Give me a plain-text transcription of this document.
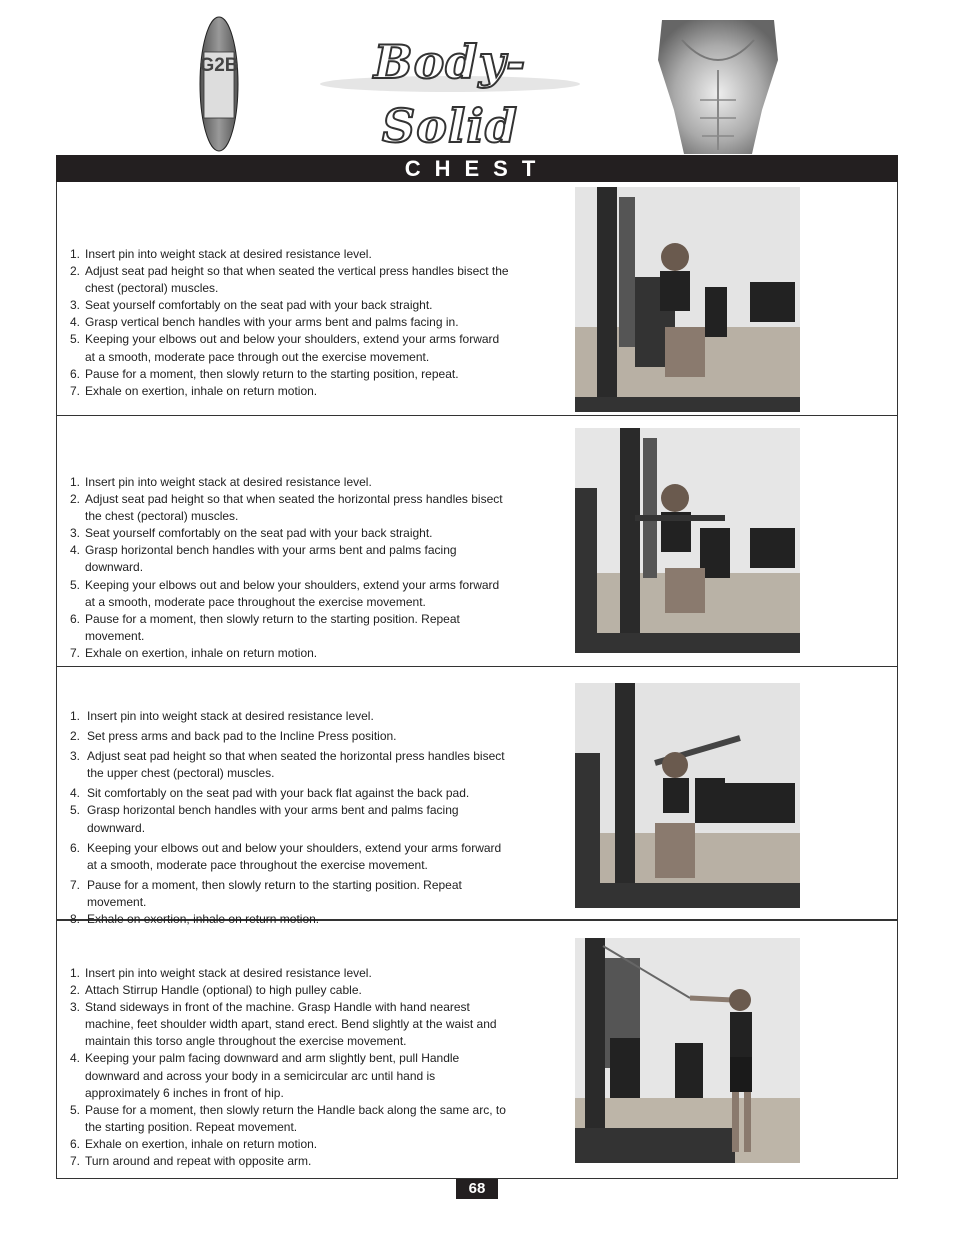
G2B	Body-Solid
CHEST
1. Insert pin into weight stack at desired resistance level.
2. Adjust seat pad height so that when seated the vertical press handles bisect the chest (pectoral) muscles.
3. Seat yourself comfortably on the seat pad with your back straight.
4. Grasp vertical bench handles with your arms bent and palms facing in.
5. Keeping your elbows out and below your shoulders, extend your arms forward at a smooth, moderate pace through out the exercise movement.
6. Pause for a moment, then slowly return to the starting position, repeat.
7. Exhale on exertion, inhale on return motion.
1. Insert pin into weight stack at desired resistance level.
2. Adjust seat pad height so that when seated the horizontal press handles bisect the chest (pectoral) muscles.
3. Seat yourself comfortably on the seat pad with your back straight.
4. Grasp horizontal bench handles with your arms bent and palms facing downward.
5. Keeping your elbows out and below your shoulders, extend your arms forward at a smooth, moderate pace throughout the exercise movement.
6. Pause for a moment, then slowly return to the starting position. Repeat movement.
7. Exhale on exertion, inhale on return motion.
1. Insert pin into weight stack at desired resistance level.
2. Set press arms and back pad to the Incline Press position.
3. Adjust seat pad height so that when seated the horizontal press handles bisect the upper chest (pectoral) muscles.
4. Sit comfortably on the seat pad with your back flat against the back pad.
5. Grasp horizontal bench handles with your arms bent and palms facing downward.
6. Keeping your elbows out and below your shoulders, extend your arms forward at a smooth, moderate pace throughout the exercise movement.
7. Pause for a moment, then slowly return to the starting position. Repeat movement.
8. Exhale on exertion, inhale on return motion.
1. Insert pin into weight stack at desired resistance level.
2. Attach Stirrup Handle (optional) to high pulley cable.
3. Stand sideways in front of the machine. Grasp Handle with hand nearest machine, feet shoulder width apart, stand erect. Bend slightly at the waist and maintain this torso angle throughout the exercise movement.
4. Keeping your palm facing downward and arm slightly bent, pull Handle downward and across your body in a semicircular arc until hand is approximately 6 inches in front of hip.
5. Pause for a moment, then slowly return the Handle back along the same arc, to the starting position. Repeat movement.
6. Exhale on exertion, inhale on return motion.
7. Turn around and repeat with opposite arm.
68
